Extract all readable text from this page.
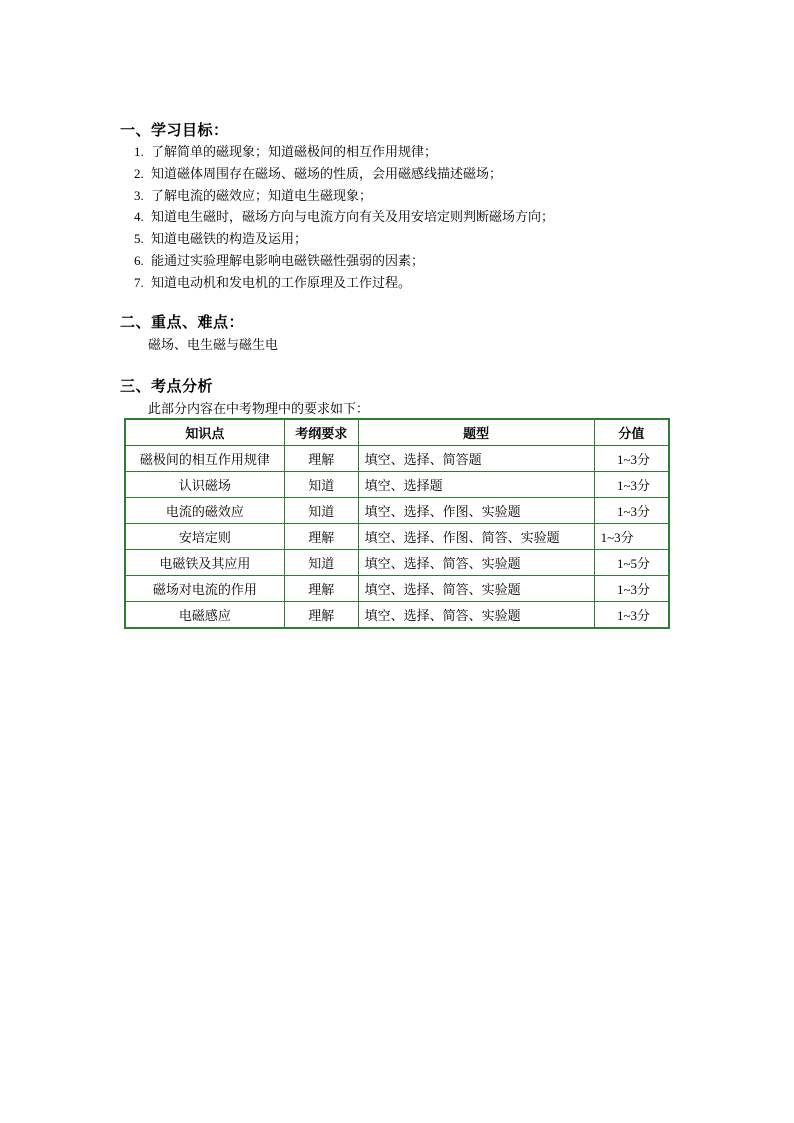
一、学习目标：
1. 了解简单的磁现象；知道磁极间的相互作用规律；
2. 知道磁体周围存在磁场、磁场的性质，会用磁感线描述磁场；
3. 了解电流的磁效应；知道电生磁现象；
4. 知道电生磁时，磁场方向与电流方向有关及用安培定则判断磁场方向；
5. 知道电磁铁的构造及运用；
6. 能通过实验理解电影响电磁铁磁性强弱的因素；
7. 知道电动机和发电机的工作原理及工作过程。
二、重点、难点：
磁场、电生磁与磁生电
三、考点分析
此部分内容在中考物理中的要求如下：
知识点	考纲要求	题型	分值
磁极间的相互作用规律	理解	填空、选择、简答题	1~3分
认识磁场	知道	填空、选择题	1~3分
电流的磁效应	知道	填空、选择、作图、实验题	1~3分
安培定则	理解	填空、选择、作图、简答、实验题	1~3分
电磁铁及其应用	知道	填空、选择、简答、实验题	1~5分
磁场对电流的作用	理解	填空、选择、简答、实验题	1~3分
电磁感应	理解	填空、选择、简答、实验题	1~3分
